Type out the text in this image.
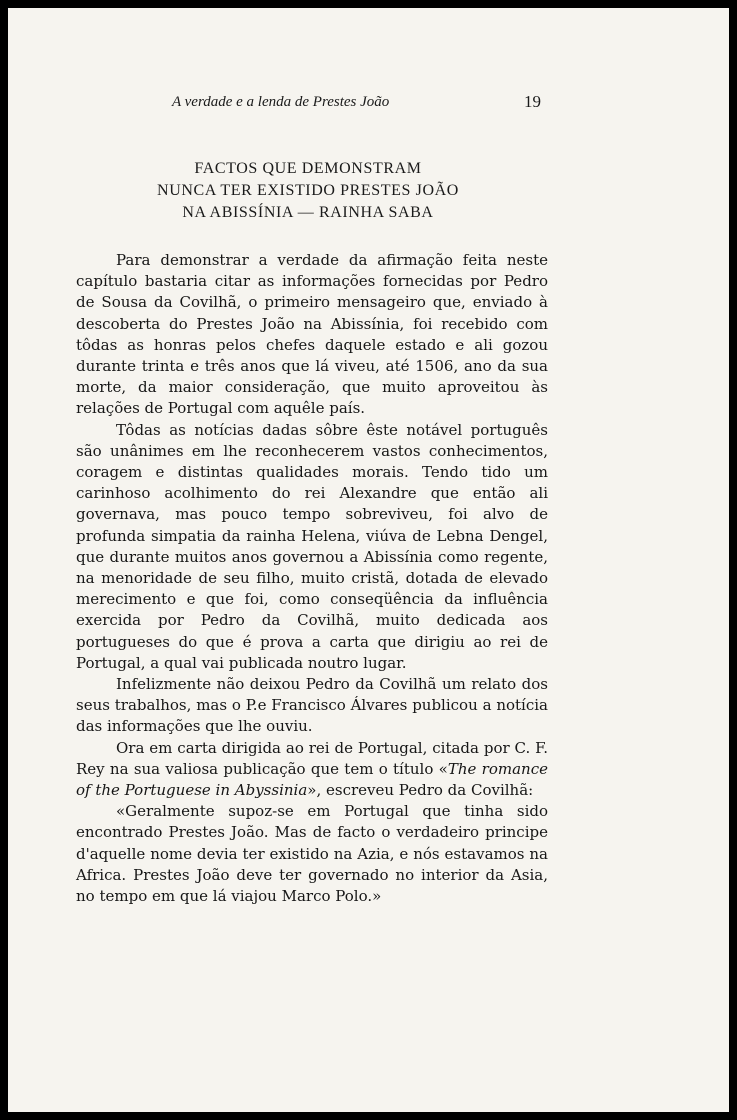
A verdade e a lenda de Prestes João	19
FACTOS QUE DEMONSTRAM
NUNCA TER EXISTIDO PRESTES JOÃO
NA ABISSÍNIA — RAINHA SABA

Para demonstrar a verdade da afirmação feita neste capítulo bastaria citar as informações fornecidas por Pedro de Sousa da Covilhã, o primeiro mensageiro que, enviado à descoberta do Prestes João na Abissínia, foi recebido com tôdas as honras pelos chefes daquele estado e ali gozou durante trinta e três anos que lá viveu, até 1506, ano da sua morte, da maior consideração, que muito aproveitou às relações de Portugal com aquêle país.

Tôdas as notícias dadas sôbre êste notável português são unânimes em lhe reconhecerem vastos conhecimentos, coragem e distintas qualidades morais. Tendo tido um carinhoso acolhimento do rei Alexandre que então ali governava, mas pouco tempo sobreviveu, foi alvo de profunda simpatia da rainha Helena, viúva de Lebna Dengel, que durante muitos anos governou a Abissínia como regente, na menoridade de seu filho, muito cristã, dotada de elevado merecimento e que foi, como conseqüência da influência exercida por Pedro da Covilhã, muito dedicada aos portugueses do que é prova a carta que dirigiu ao rei de Portugal, a qual vai publicada noutro lugar.

Infelizmente não deixou Pedro da Covilhã um relato dos seus trabalhos, mas o P.e Francisco Álvares publicou a notícia das informações que lhe ouviu.

Ora em carta dirigida ao rei de Portugal, citada por C. F. Rey na sua valiosa publicação que tem o título «The romance of the Portuguese in Abyssinia», escreveu Pedro da Covilhã:

«Geralmente supoz-se em Portugal que tinha sido encontrado Prestes João. Mas de facto o verdadeiro principe d'aquelle nome devia ter existido na Azia, e nós estavamos na Africa. Prestes João deve ter governado no interior da Asia, no tempo em que lá viajou Marco Polo.»
